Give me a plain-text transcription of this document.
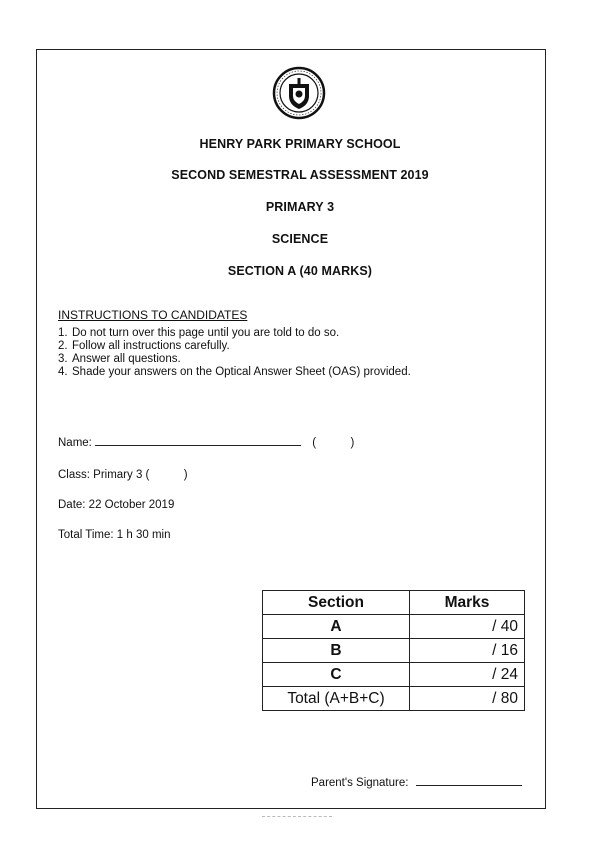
HENRY PARK PRIMARY SCHOOL
SECOND SEMESTRAL ASSESSMENT 2019
PRIMARY 3
SCIENCE
SECTION A (40 MARKS)
INSTRUCTIONS TO CANDIDATES
1. Do not turn over this page until you are told to do so.
2. Follow all instructions carefully.
3. Answer all questions.
4. Shade your answers on the Optical Answer Sheet (OAS) provided.
Name:	(	)
Class: Primary 3 (	)
Date: 22 October 2019
Total Time: 1 h 30 min
Section	Marks
A	/ 40
B	/ 16
C	/ 24
Total (A+B+C)	/ 80
Parent's Signature:
